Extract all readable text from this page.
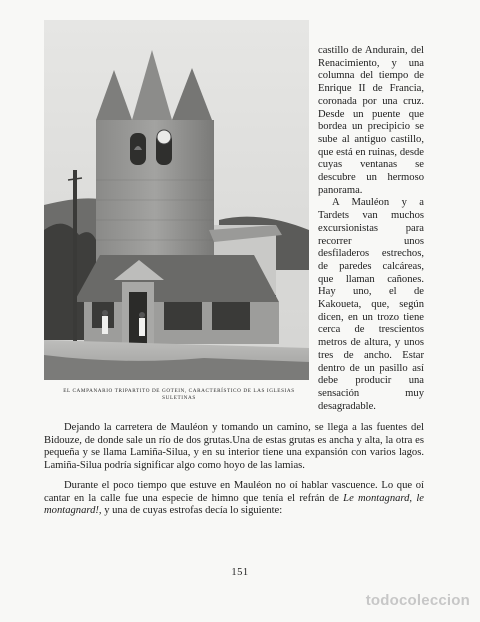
EL CAMPANARIO TRIPARTITO DE GOTEIN, CARACTERÍSTICO DE LAS IGLESIAS SULETINAS

castillo de Andurain, del Renacimiento, y una columna del tiempo de Enrique II de Francia, coronada por una cruz. Desde un puente que bordea un precipicio se sube al antiguo castillo, que está en ruinas, desde cuyas ventanas se descubre un hermoso panorama.

A Mauléon y a Tardets van muchos excursionistas para recorrer unos desfiladeros estrechos, de paredes calcáreas, que llaman cañones. Hay uno, el de Kakoueta, que, según dicen, en un trozo tiene cerca de trescientos metros de altura, y unos tres de ancho. Estar dentro de un pasillo así debe producir una sensación muy desagradable.

Dejando la carretera de Mauléon y tomando un camino, se llega a las fuentes del Bidouze, de donde sale un río de dos grutas.Una de estas grutas es ancha y alta, la otra es pequeña y se llama Lamiña-Silua, y en su interior tiene una expansión con varios lagos. Lamiña-Silua podría significar algo como hoyo de las lamias.

Durante el poco tiempo que estuve en Mauléon no oí hablar vascuence. Lo que oí cantar en la calle fue una especie de himno que tenía el refrán de Le montagnard, le montagnard!, y una de cuyas estrofas decía lo siguiente:

151
todocoleccion
